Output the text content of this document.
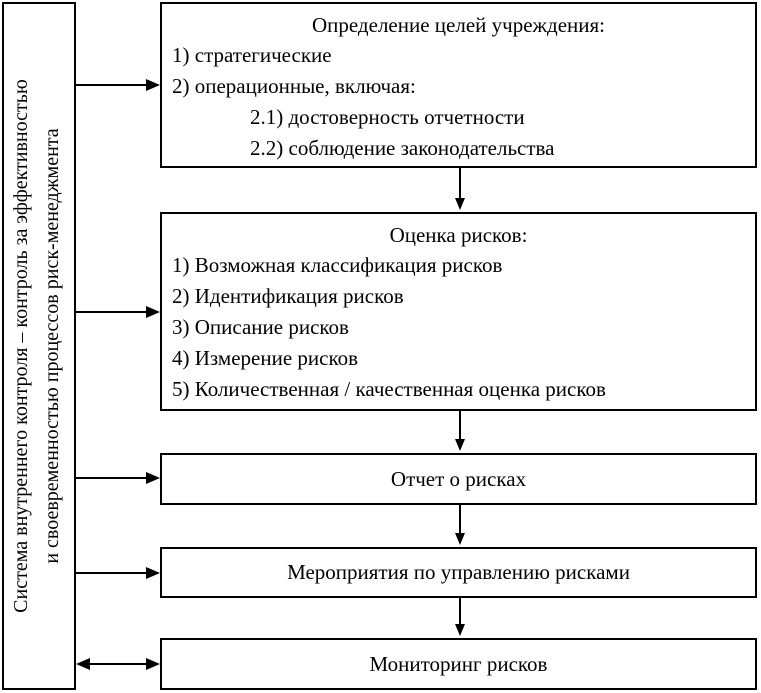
Система внутреннего контроля – контроль за эффективностью и своевременностью процессов риск-менеджмента
Определение целей учреждения:
1) стратегические
2) операционные, включая:
2.1) достоверность отчетности
2.2) соблюдение законодательства
Оценка рисков:
1) Возможная классификация рисков
2) Идентификация рисков
3) Описание рисков
4) Измерение рисков
5) Количественная / качественная оценка рисков
Отчет о рисках
Мероприятия по управлению рисками
Мониторинг рисков
